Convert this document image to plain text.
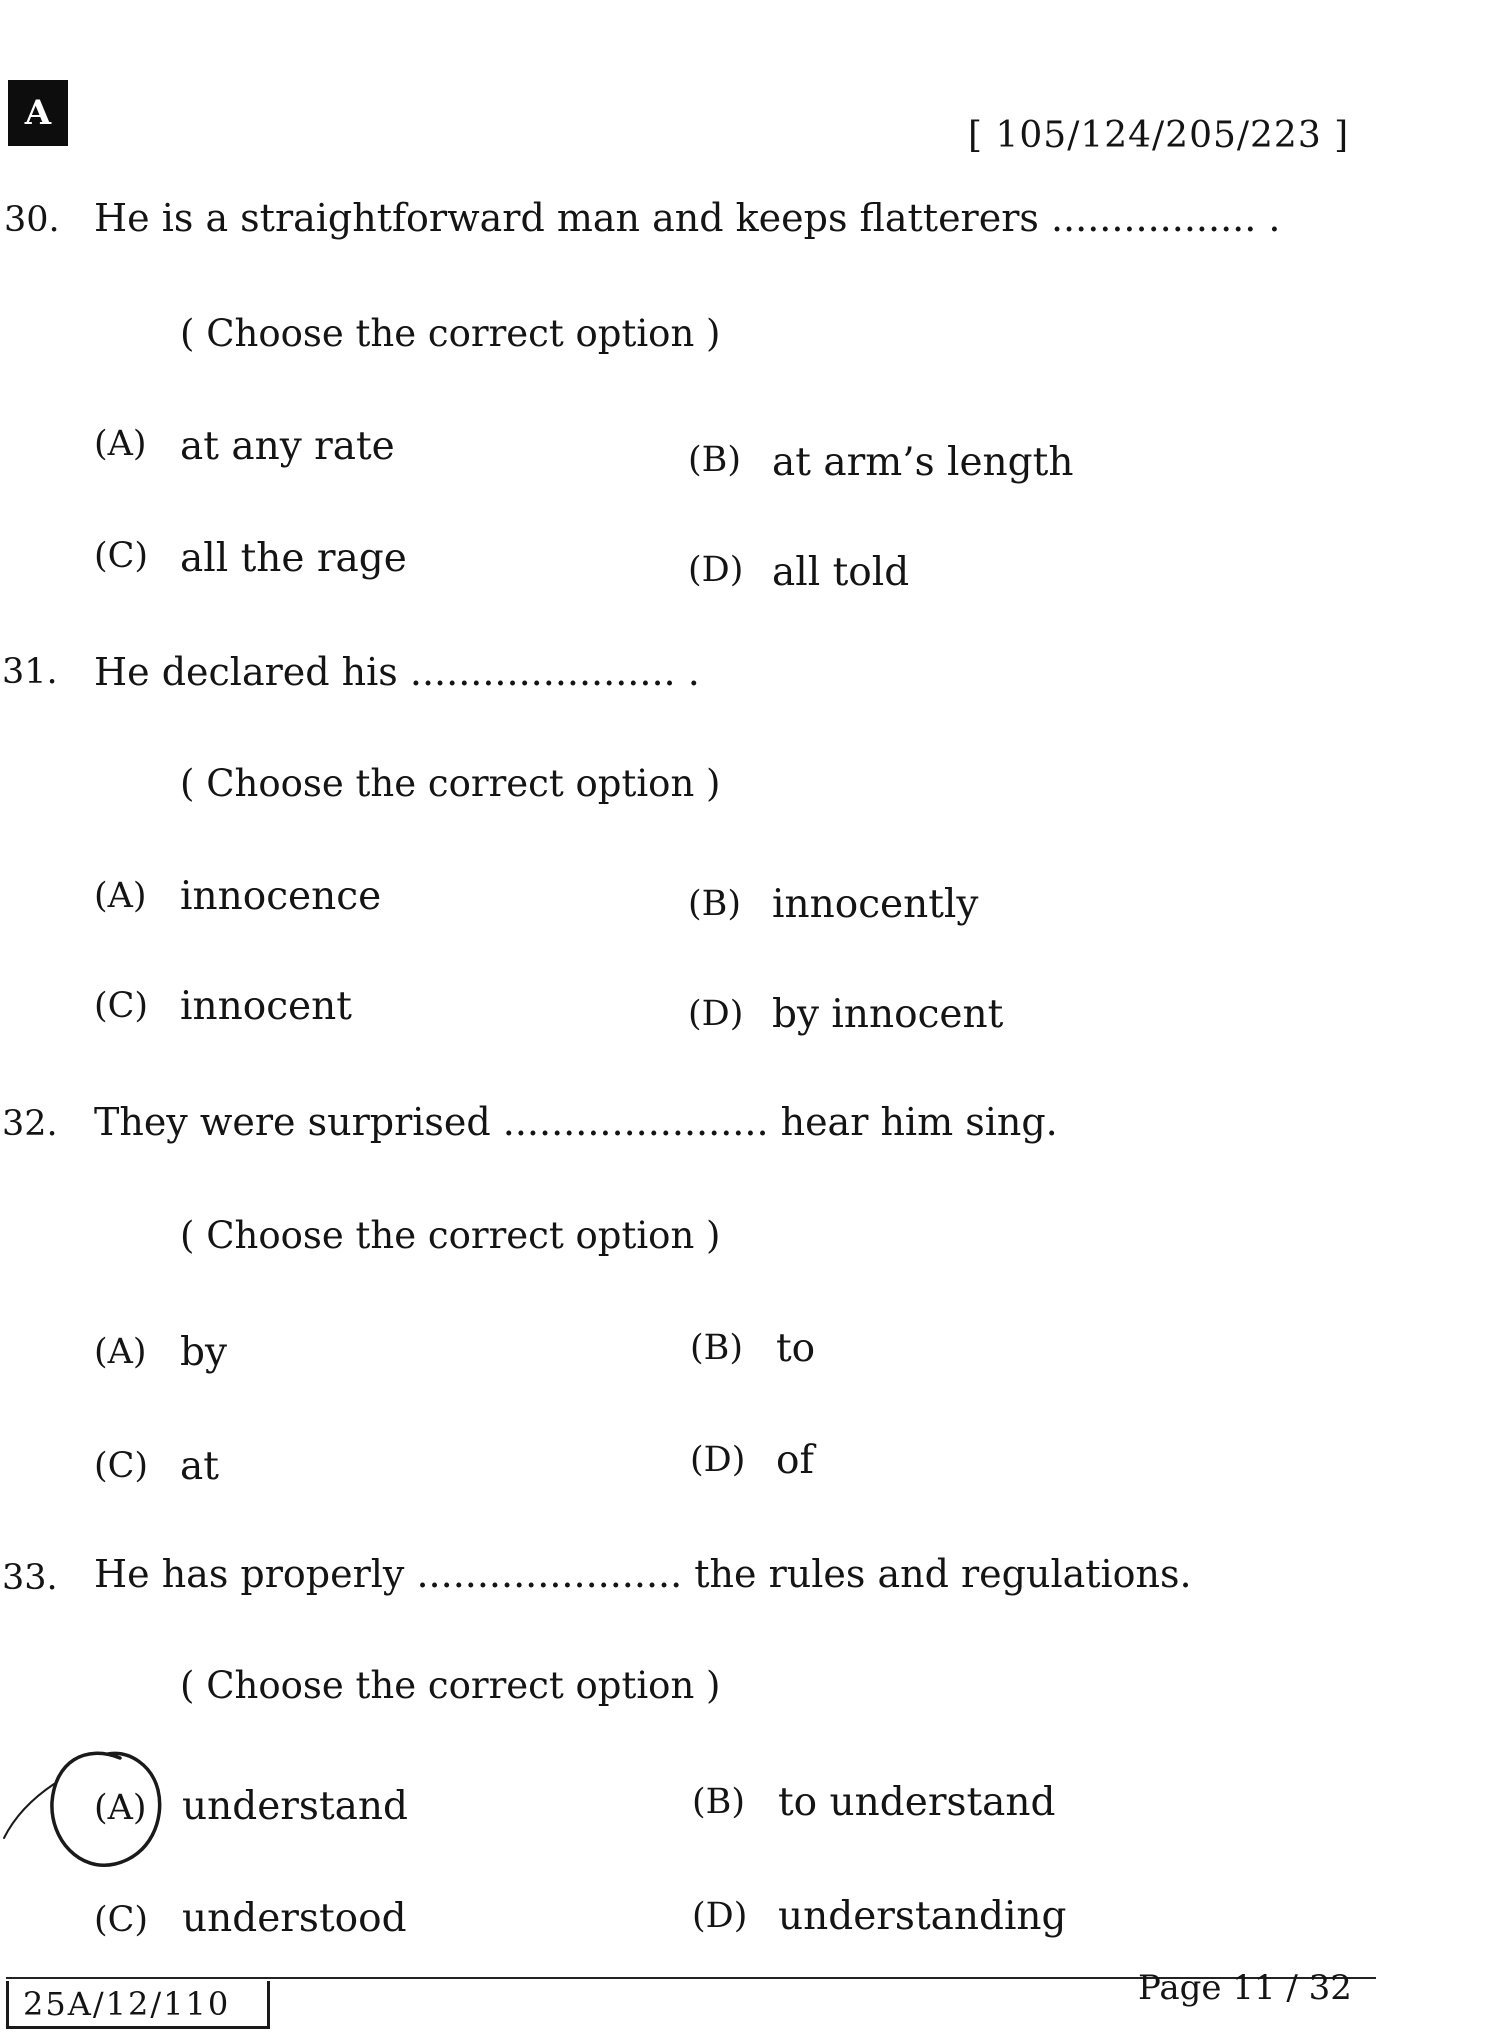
A
[ 105/124/205/223 ]
30. He is a straightforward man and keeps flatterers ................. .
( Choose the correct option )
(A) at any rate	(B) at arm’s length
(C) all the rage	(D) all told
31. He declared his ...................... .
( Choose the correct option )
(A) innocence	(B) innocently
(C) innocent	(D) by innocent
32. They were surprised ...................... hear him sing.
( Choose the correct option )
(A) by	(B) to
(C) at	(D) of
33. He has properly ...................... the rules and regulations.
( Choose the correct option )
(A) understand	(B) to understand
(C) understood	(D) understanding
25A/12/110	Page 11 / 32
